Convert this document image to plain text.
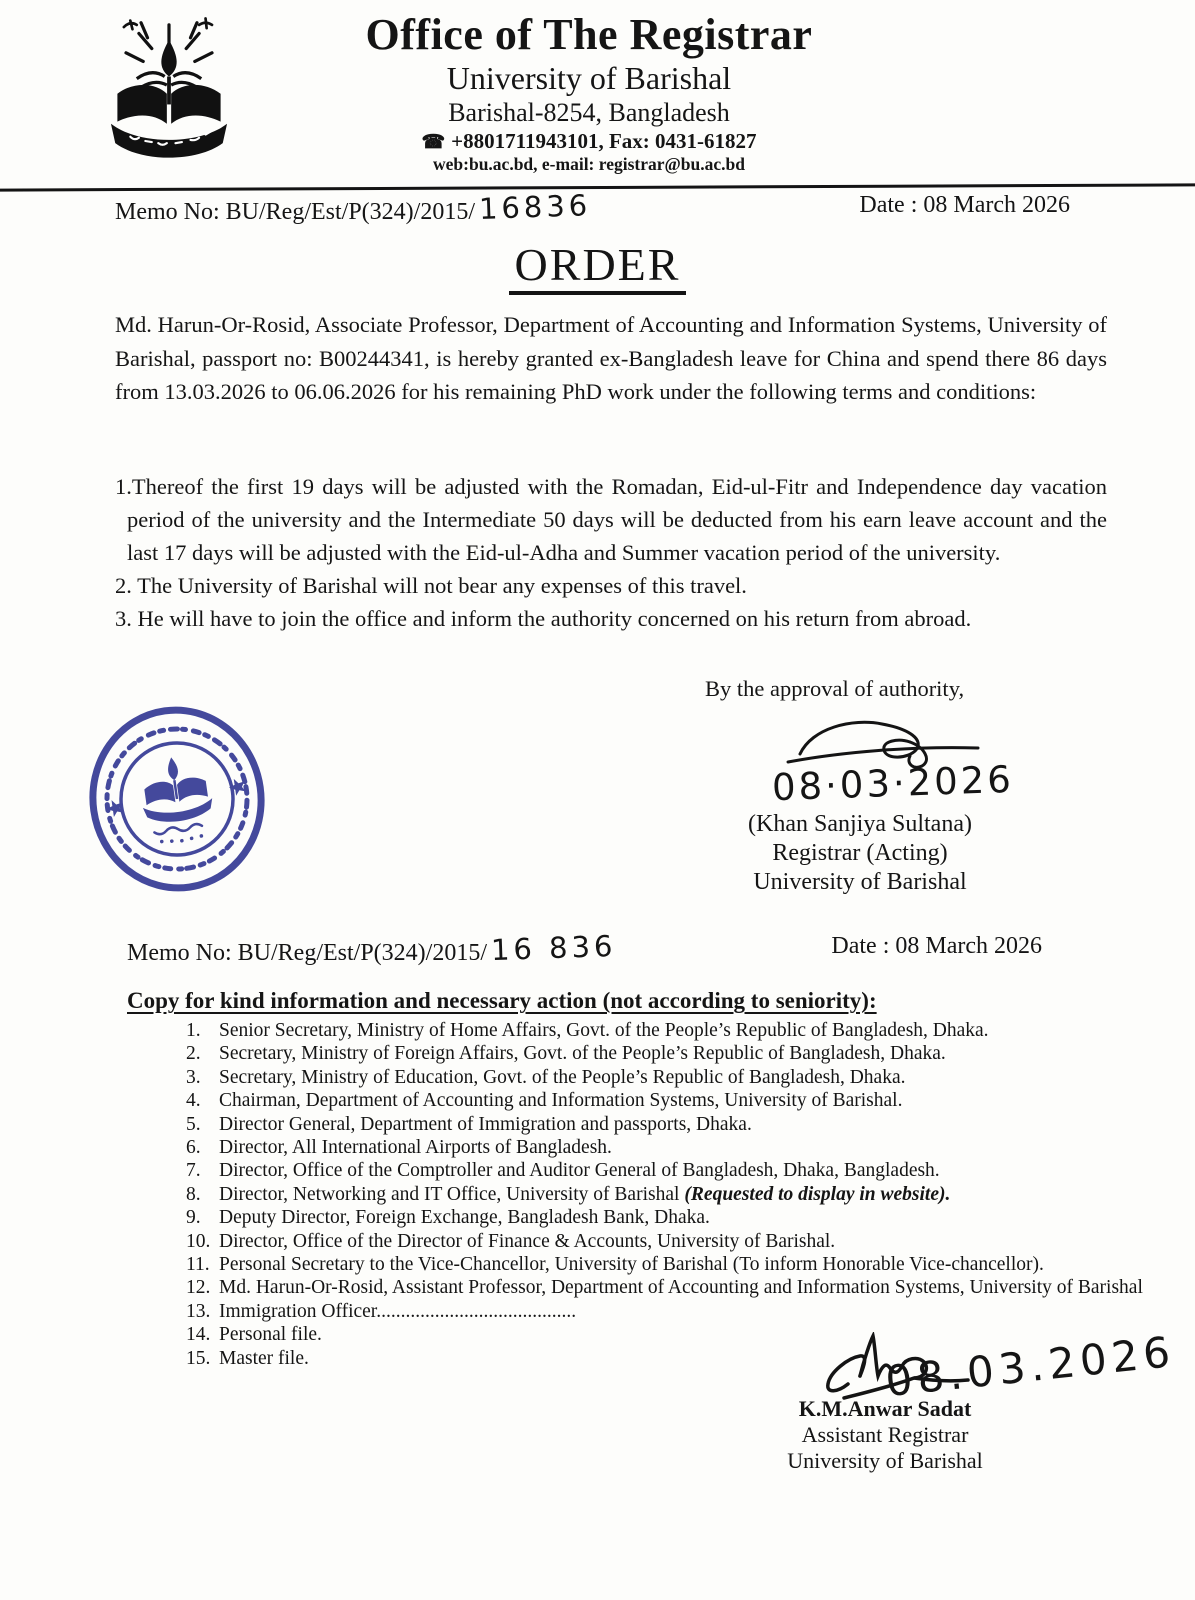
Office of The Registrar
University of Barishal
Barishal-8254, Bangladesh
☎ +8801711943101, Fax: 0431-61827
web:bu.ac.bd, e-mail: registrar@bu.ac.bd
Memo No: BU/Reg/Est/P(324)/2015/ 16836	Date : 08 March 2026
ORDER
Md. Harun-Or-Rosid, Associate Professor, Department of Accounting and Information Systems, University of Barishal, passport no: B00244341, is hereby granted ex-Bangladesh leave for China and spend there 86 days from 13.03.2026 to 06.06.2026 for his remaining PhD work under the following terms and conditions:
1.Thereof the first 19 days will be adjusted with the Romadan, Eid-ul-Fitr and Independence day vacation period of the university and the Intermediate 50 days will be deducted from his earn leave account and the last 17 days will be adjusted with the Eid-ul-Adha and Summer vacation period of the university.
2. The University of Barishal will not bear any expenses of this travel.
3. He will have to join the office and inform the authority concerned on his return from abroad.
By the approval of authority,
08·03·2026
(Khan Sanjiya Sultana)
Registrar (Acting)
University of Barishal
Memo No: BU/Reg/Est/P(324)/2015/ 16 836	Date : 08 March 2026
Copy for kind information and necessary action (not according to seniority):
1. Senior Secretary, Ministry of Home Affairs, Govt. of the People’s Republic of Bangladesh, Dhaka.
2. Secretary, Ministry of Foreign Affairs, Govt. of the People’s Republic of Bangladesh, Dhaka.
3. Secretary, Ministry of Education, Govt. of the People’s Republic of Bangladesh, Dhaka.
4. Chairman, Department of Accounting and Information Systems, University of Barishal.
5. Director General, Department of Immigration and passports, Dhaka.
6. Director, All International Airports of Bangladesh.
7. Director, Office of the Comptroller and Auditor General of Bangladesh, Dhaka, Bangladesh.
8. Director, Networking and IT Office, University of Barishal (Requested to display in website).
9. Deputy Director, Foreign Exchange, Bangladesh Bank, Dhaka.
10. Director, Office of the Director of Finance & Accounts, University of Barishal.
11. Personal Secretary to the Vice-Chancellor, University of Barishal (To inform Honorable Vice-chancellor).
12. Md. Harun-Or-Rosid, Assistant Professor, Department of Accounting and Information Systems, University of Barishal
13. Immigration Officer.........................................
14. Personal file.
15. Master file.	08.03.2026
K.M.Anwar Sadat
Assistant Registrar
University of Barishal
